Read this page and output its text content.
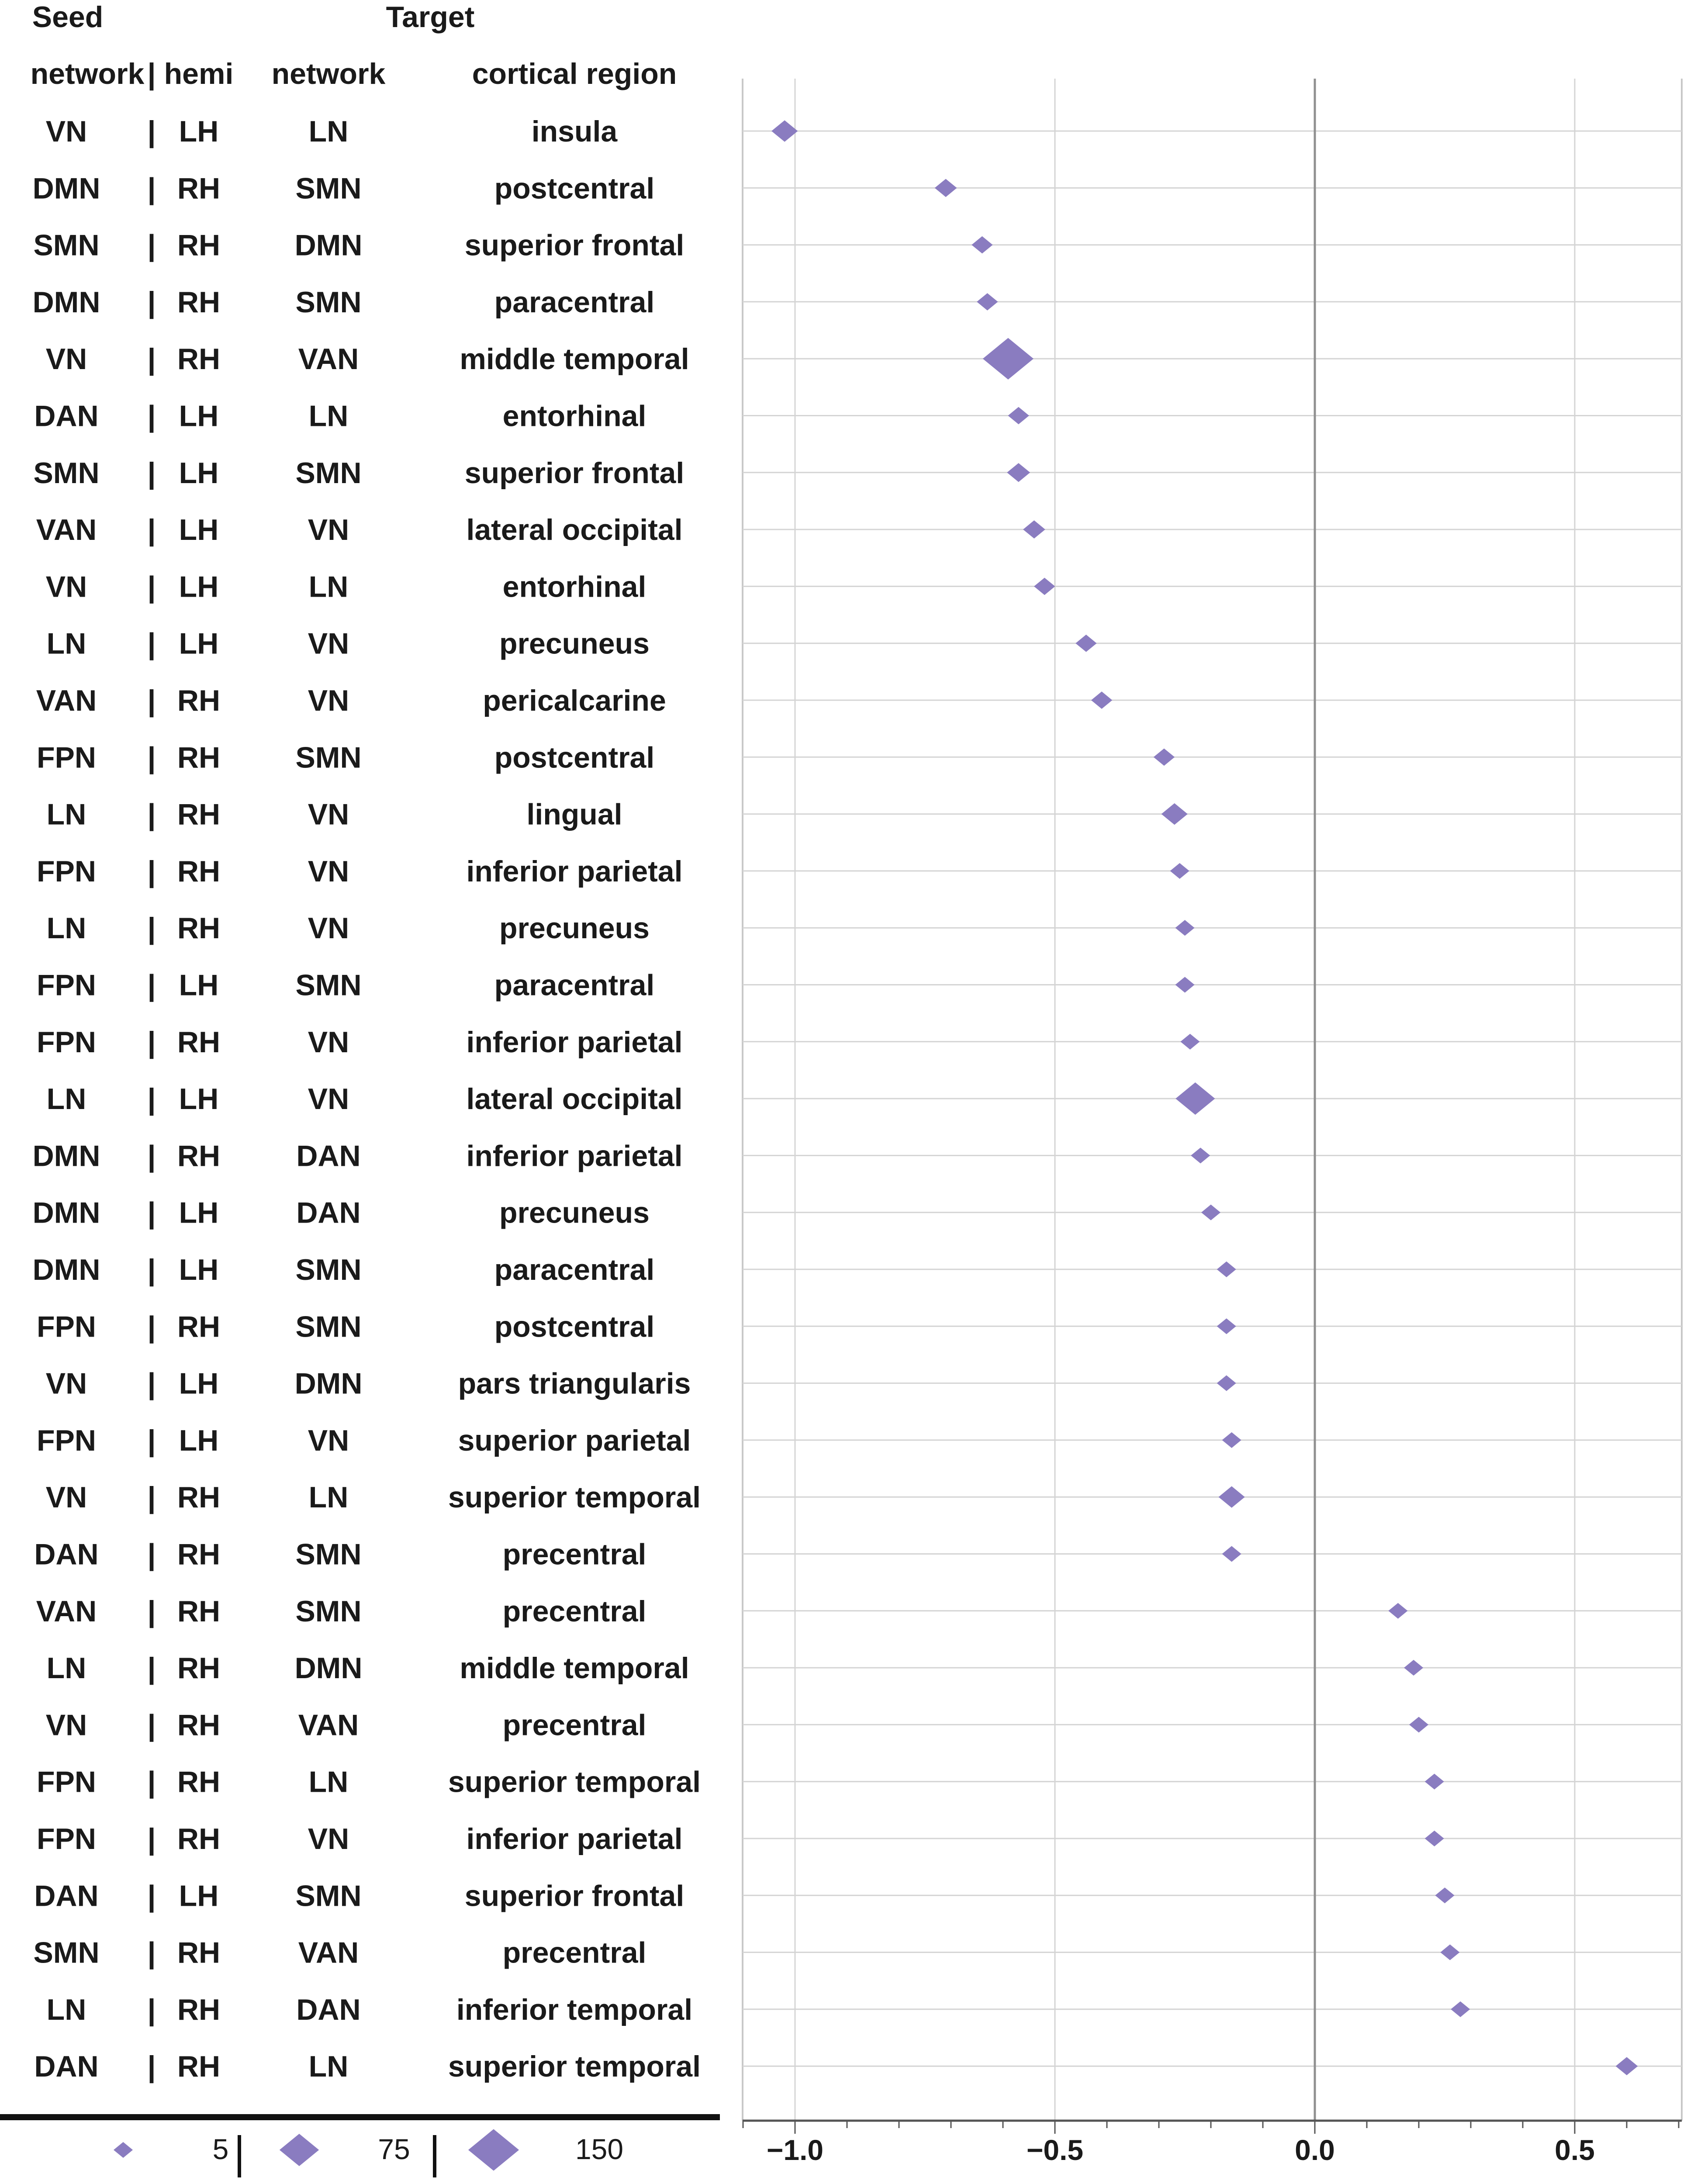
Seed	Target
network | hemi network	cortical region
−1.0	−0.5	0.0	0.5
VN | LH	LN	insula
DMN | RH	SMN	postcentral
SMN | RH	DMN	superior frontal
DMN | RH	SMN	paracentral
VN | RH	VAN	middle temporal
DAN | LH	LN	entorhinal
SMN | LH	SMN	superior frontal
VAN | LH	VN	lateral occipital
VN | LH	LN	entorhinal
LN | LH	VN	precuneus
VAN | RH	VN	pericalcarine
FPN | RH	SMN	postcentral
LN | RH	VN	lingual
FPN | RH	VN	inferior parietal
LN | RH	VN	precuneus
FPN | LH	SMN	paracentral
FPN | RH	VN	inferior parietal
LN | LH	VN	lateral occipital
DMN | RH	DAN	inferior parietal
DMN | LH	DAN	precuneus
DMN | LH	SMN	paracentral
FPN | RH	SMN	postcentral
VN | LH	DMN	pars triangularis
FPN | LH	VN	superior parietal
VN | RH	LN	superior temporal
DAN | RH	SMN	precentral
VAN | RH	SMN	precentral
LN | RH	DMN	middle temporal
VN | RH	VAN	precentral
FPN | RH	LN	superior temporal
FPN | RH	VN	inferior parietal
DAN | LH	SMN	superior frontal
SMN | RH	VAN	precentral
LN | RH	DAN	inferior temporal
DAN | RH	LN	superior temporal
5	75	150
